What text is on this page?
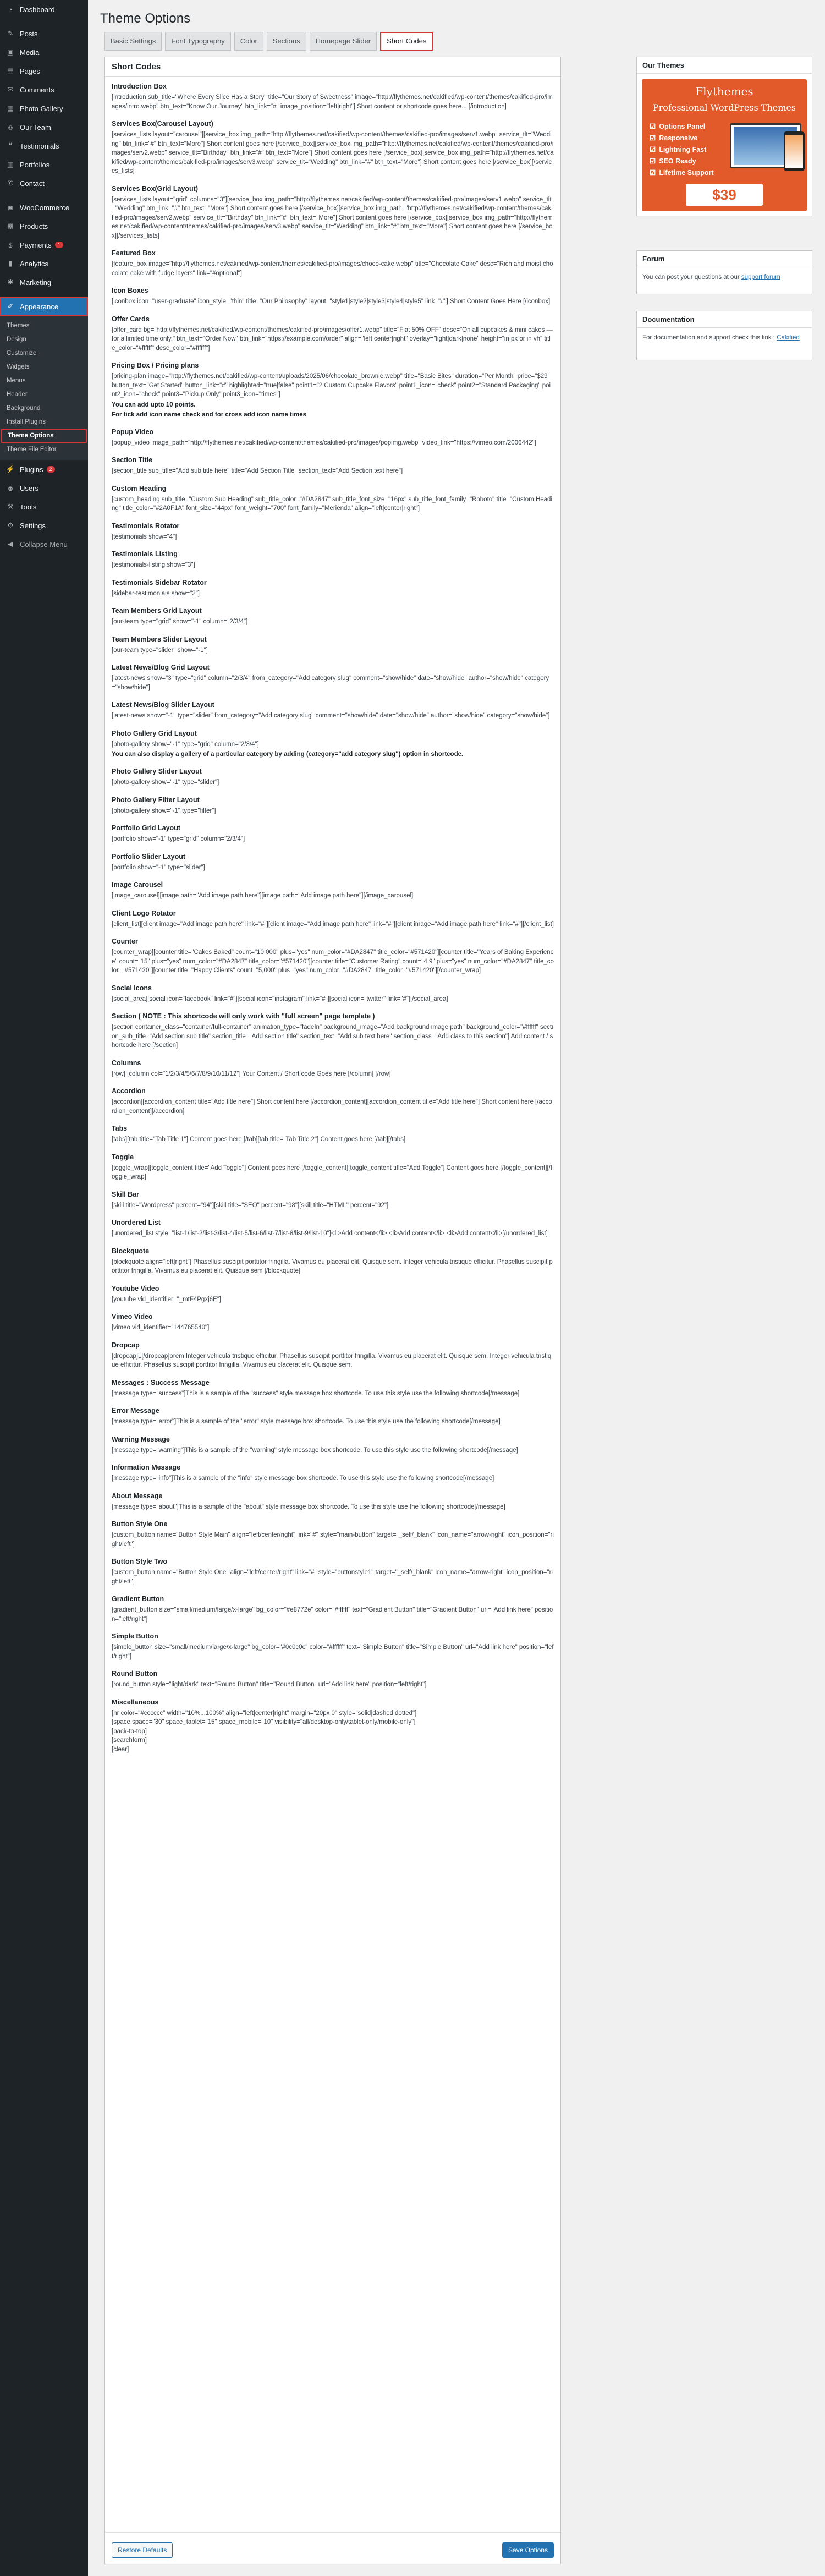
◔	Dashboard
✎ Posts
▣ Media
▤ Pages
✉ Comments
▦ Photo Gallery
☺ Our Team
❝	Testimonials
▥ Portfolios
✆ Contact
◙	WooCommerce
▩ Products
$	Payments	1
▮	Analytics
✱ Marketing
✐ Appearance
Themes
Design
Customize
Widgets
Menus
Header
Background
Install Plugins
Theme Options
Theme File Editor
⚡ Plugins	2
☻ Users
⚒ Tools
⚙ Settings
◀ Collapse Menu
Theme Options
Basic Settings	Font Typography	Color	Sections	Homepage Slider	Short Codes
Short Codes
Introduction Box
[introduction sub_title="Where Every Slice Has a Story" title="Our Story of Sweetness" image="http://flythemes.net/cakified/wp-content/themes/cakified-pro/images/intro.webp" btn_text="Know Our Journey" btn_link="#" image_position="left|right"] Short content or shortcode goes here... [/introduction]
Services Box(Carousel Layout)
[services_lists layout="carousel"][service_box img_path="http://flythemes.net/cakified/wp-content/themes/cakified-pro/images/serv1.webp" service_tlt="Wedding" btn_link="#" btn_text="More"] Short content goes here [/service_box][service_box img_path="http://flythemes.net/cakified/wp-content/themes/cakified-pro/images/serv2.webp" service_tlt="Birthday" btn_link="#" btn_text="More"] Short content goes here [/service_box][service_box img_path="http://flythemes.net/cakified/wp-content/themes/cakified-pro/images/serv3.webp" service_tlt="Wedding" btn_link="#" btn_text="More"] Short content goes here [/service_box][/services_lists]
Services Box(Grid Layout)
[services_lists layout="grid" columns="3"][service_box img_path="http://flythemes.net/cakified/wp-content/themes/cakified-pro/images/serv1.webp" service_tlt="Wedding" btn_link="#" btn_text="More"] Short content goes here [/service_box][service_box img_path="http://flythemes.net/cakified/wp-content/themes/cakified-pro/images/serv2.webp" service_tlt="Birthday" btn_link="#" btn_text="More"] Short content goes here [/service_box][service_box img_path="http://flythemes.net/cakified/wp-content/themes/cakified-pro/images/serv3.webp" service_tlt="Wedding" btn_link="#" btn_text="More"] Short content goes here [/service_box][/services_lists]
Featured Box
[feature_box image="http://flythemes.net/cakified/wp-content/themes/cakified-pro/images/choco-cake.webp" title="Chocolate Cake" desc="Rich and moist chocolate cake with fudge layers" link="#optional"]
Icon Boxes
[iconbox icon="user-graduate" icon_style="thin" title="Our Philosophy" layout="style1|style2|style3|style4|style5" link="#"] Short Content Goes Here [/iconbox]
Offer Cards
[offer_card bg="http://flythemes.net/cakified/wp-content/themes/cakified-pro/images/offer1.webp" title="Flat 50% OFF" desc="On all cupcakes & mini cakes — for a limited time only." btn_text="Order Now" btn_link="https://example.com/order" align="left|center|right" overlay="light|dark|none" height="in px or in vh" title_color="#ffffff" desc_color="#ffffff"]
Pricing Box / Pricing plans
[pricing-plan image="http://flythemes.net/cakified/wp-content/uploads/2025/06/chocolate_brownie.webp" title="Basic Bites" duration="Per Month" price="$29" button_text="Get Started" button_link="#" highlighted="true|false" point1="2 Custom Cupcake Flavors" point1_icon="check" point2="Standard Packaging" point2_icon="check" point3="Pickup Only" point3_icon="times"]
You can add upto 10 points.
For tick add icon name check and for cross add icon name times
Popup Video
[popup_video image_path="http://flythemes.net/cakified/wp-content/themes/cakified-pro/images/popimg.webp" video_link="https://vimeo.com/2006442"]
Section Title
[section_title sub_title="Add sub title here" title="Add Section Title" section_text="Add Section text here"]
Custom Heading
[custom_heading sub_title="Custom Sub Heading" sub_title_color="#DA2847" sub_title_font_size="16px" sub_title_font_family="Roboto" title="Custom Heading" title_color="#2A0F1A" font_size="44px" font_weight="700" font_family="Merienda" align="left|center|right"]
Testimonials Rotator
[testimonials show="4"]
Testimonials Listing
[testimonials-listing show="3"]
Testimonials Sidebar Rotator
[sidebar-testimonials show="2"]
Team Members Grid Layout
[our-team type="grid" show="-1" column="2/3/4"]
Team Members Slider Layout
[our-team type="slider" show="-1"]
Latest News/Blog Grid Layout
[latest-news show="3" type="grid" column="2/3/4" from_category="Add category slug" comment="show/hide" date="show/hide" author="show/hide" category="show/hide"]
Latest News/Blog Slider Layout
[latest-news show="-1" type="slider" from_category="Add category slug" comment="show/hide" date="show/hide" author="show/hide" category="show/hide"]
Photo Gallery Grid Layout
[photo-gallery show="-1" type="grid" column="2/3/4"]
You can also display a gallery of a particular category by adding (category="add category slug") option in shortcode.
Photo Gallery Slider Layout
[photo-gallery show="-1" type="slider"]
Photo Gallery Filter Layout
[photo-gallery show="-1" type="filter"]
Portfolio Grid Layout
[portfolio show="-1" type="grid" column="2/3/4"]
Portfolio Slider Layout
[portfolio show="-1" type="slider"]
Image Carousel
[image_carousel][image path="Add image path here"][image path="Add image path here"][/image_carousel]
Client Logo Rotator
[client_list][client image="Add image path here" link="#"][client image="Add image path here" link="#"][client image="Add image path here" link="#"][/client_list]
Counter
[counter_wrap][counter title="Cakes Baked" count="10,000" plus="yes" num_color="#DA2847" title_color="#571420"][counter title="Years of Baking Experience" count="15" plus="yes" num_color="#DA2847" title_color="#571420"][counter title="Customer Rating" count="4.9" plus="yes" num_color="#DA2847" title_color="#571420"][counter title="Happy Clients" count="5,000" plus="yes" num_color="#DA2847" title_color="#571420"][/counter_wrap]
Social Icons
[social_area][social icon="facebook" link="#"][social icon="instagram" link="#"][social icon="twitter" link="#"][/social_area]
Section ( NOTE : This shortcode will only work with "full screen" page template )
[section container_class="container/full-container" animation_type="fadeIn" background_image="Add background image path" background_color="#ffffff" section_sub_title="Add section sub title" section_title="Add section title" section_text="Add sub text here" section_class="Add class to this section"] Add content / shortcode here [/section]
Columns
[row] [column col="1/2/3/4/5/6/7/8/9/10/11/12"] Your Content / Short code Goes here [/column] [/row]
Accordion
[accordion][accordion_content title="Add title here"] Short content here [/accordion_content][accordion_content title="Add title here"] Short content here [/accordion_content][/accordion]
Tabs
[tabs][tab title="Tab Title 1"] Content goes here [/tab][tab title="Tab Title 2"] Content goes here [/tab][/tabs]
Toggle
[toggle_wrap][toggle_content title="Add Toggle"] Content goes here [/toggle_content][toggle_content title="Add Toggle"] Content goes here [/toggle_content][/toggle_wrap]
Skill Bar
[skill title="Wordpress" percent="94"][skill title="SEO" percent="98"][skill title="HTML" percent="92"]
Unordered List
[unordered_list style="list-1/list-2/list-3/list-4/list-5/list-6/list-7/list-8/list-9/list-10"]<li>Add content</li> <li>Add content</li> <li>Add content</li>[/unordered_list]
Blockquote
[blockquote align="left|right"] Phasellus suscipit porttitor fringilla. Vivamus eu placerat elit. Quisque sem. Integer vehicula tristique efficitur. Phasellus suscipit porttitor fringilla. Vivamus eu placerat elit. Quisque sem [/blockquote]
Youtube Video
[youtube vid_identifier="_mtF4Pgxj6E"]
Vimeo Video
[vimeo vid_identifier="144765540"]
Dropcap
[dropcap]L[/dropcap]orem Integer vehicula tristique efficitur. Phasellus suscipit porttitor fringilla. Vivamus eu placerat elit. Quisque sem. Integer vehicula tristique efficitur. Phasellus suscipit porttitor fringilla. Vivamus eu placerat elit. Quisque sem.
Messages : Success Message
[message type="success"]This is a sample of the "success" style message box shortcode. To use this style use the following shortcode[/message]
Error Message
[message type="error"]This is a sample of the "error" style message box shortcode. To use this style use the following shortcode[/message]
Warning Message
[message type="warning"]This is a sample of the "warning" style message box shortcode. To use this style use the following shortcode[/message]
Information Message
[message type="info"]This is a sample of the "info" style message box shortcode. To use this style use the following shortcode[/message]
About Message
[message type="about"]This is a sample of the "about" style message box shortcode. To use this style use the following shortcode[/message]
Button Style One
[custom_button name="Button Style Main" align="left/center/right" link="#" style="main-button" target="_self/_blank" icon_name="arrow-right" icon_position="right/left"]
Button Style Two
[custom_button name="Button Style One" align="left/center/right" link="#" style="buttonstyle1" target="_self/_blank" icon_name="arrow-right" icon_position="right/left"]
Gradient Button
[gradient_button size="small/medium/large/x-large" bg_color="#e8772e" color="#ffffff" text="Gradient Button" title="Gradient Button" url="Add link here" position="left/right"]
Simple Button
[simple_button size="small/medium/large/x-large" bg_color="#0c0c0c" color="#ffffff" text="Simple Button" title="Simple Button" url="Add link here" position="left/right"]
Round Button
[round_button style="light/dark" text="Round Button" title="Round Button" url="Add link here" position="left/right"]
Miscellaneous
[hr color="#cccccc" width="10%...100%" align="left|center|right" margin="20px 0" style="solid|dashed|dotted"]
[space space="30" space_tablet="15" space_mobile="10" visibility="all/desktop-only/tablet-only/mobile-only"]
[back-to-top]
[searchform]
[clear]
Restore Defaults	Save Options
Our Themes
Flythemes
Professional WordPress Themes
☑ Options Panel
☑ Responsive
☑ Lightning Fast
☑ SEO Ready
☑ Lifetime Support
$39
Forum
You can post your questions at our support forum
Documentation
For documentation and support check this link : Cakified
